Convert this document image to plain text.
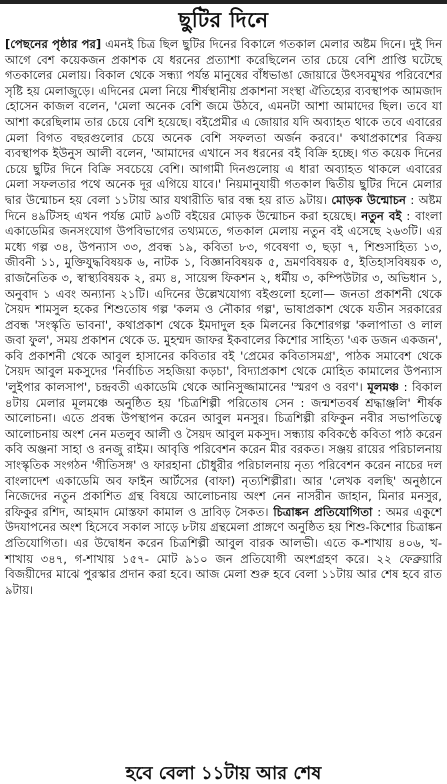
ছুটির দিনে

[পেছনের পৃষ্ঠার পর] এমনই চিত্র ছিল ছুটির দিনের বিকালে গতকাল মেলার অষ্টম দিনে। দুই দিন আগে বেশ কয়েকজন প্রকাশক যে ধরনের প্রত্যাশা করেছিলেন তার চেয়ে বেশি প্রাপ্তি ঘটেছে গতকালের মেলায়। বিকাল থেকে সন্ধ্যা পর্যন্ত মানুষের বাঁধভাঙা জোয়ারে উৎসবমুখর পরিবেশের সৃষ্টি হয় মেলাজুড়ে। এদিনের মেলা নিয়ে শীর্ষস্থানীয় প্রকাশনা সংস্থা ঐতিহ্যের ব্যবস্থাপক আমজাদ হোসেন কাজল বলেন, 'মেলা অনেক বেশি জমে উঠবে, এমনটা আশা আমাদের ছিল। তবে যা আশা করেছিলাম তার চেয়ে বেশি হয়েছে। বইপ্রেমীর এ জোয়ার যদি অব্যাহত থাকে তবে এবারের মেলা বিগত বছরগুলোর চেয়ে অনেক বেশি সফলতা অর্জন করবে।' কথাপ্রকাশের বিক্রয় ব্যবস্থাপক ইউনুস আলী বলেন, 'আমাদের এখানে সব ধরনের বই বিক্রি হচ্ছে। গত কয়েক দিনের চেয়ে ছুটির দিনে বিক্রি সবচেয়ে বেশি। আগামী দিনগুলোয় এ ধারা অব্যাহত থাকলে এবারের মেলা সফলতার পথে অনেক দূর এগিয়ে যাবে।' নিয়মানুযায়ী গতকাল দ্বিতীয় ছুটির দিনে মেলার দ্বার উন্মোচন হয় বেলা ১১টায় আর যথারীতি দ্বার বন্ধ হয় রাত ৯টায়। মোড়ক উন্মোচন : অষ্টম দিনে ৪৯টিসহ এখন পর্যন্ত মোট ৯৩টি বইয়ের মোড়ক উন্মোচন করা হয়েছে। নতুন বই : বাংলা একাডেমির জনসংযোগ উপবিভাগের তথ্যমতে, গতকাল মেলায় নতুন বই এসেছে ২৬৩টি। এর মধ্যে গল্প ৩৪, উপন্যাস ৩৩, প্রবন্ধ ১৯, কবিতা ৮৩, গবেষণা ৩, ছড়া ৭, শিশুসাহিত্য ১৩, জীবনী ১১, মুক্তিযুদ্ধবিষয়ক ৬, নাটক ১, বিজ্ঞানবিষয়ক ৫, ভ্রমণবিষয়ক ৫, ইতিহাসবিষয়ক ৩, রাজনৈতিক ৩, স্বাস্থ্যবিষয়ক ২, রম্য ৪, সায়েন্স ফিকশন ২, ধর্মীয় ৩, কম্পিউটার ৩, অভিধান ১, অনুবাদ ১ এবং অন্যান্য ২১টি। এদিনের উল্লেখযোগ্য বইগুলো হলো— জনতা প্রকাশনী থেকে সৈয়দ শামসুল হকের শিশুতোষ গল্প 'কলম ও নৌকার গল্প', ভাষাপ্রকাশ থেকে যতীন সরকারের প্রবন্ধ 'সংস্কৃতি ভাবনা', কথাপ্রকাশ থেকে ইমদাদুল হক মিলনের কিশোরগল্প 'কলাপাতা ও লাল জবা ফুল', সময় প্রকাশন থেকে ড. মুহম্মদ জাফর ইকবালের কিশোর সাহিত্য 'এক ডজন একজন', কবি প্রকাশনী থেকে আবুল হাসানের কবিতার বই 'প্রেমের কবিতাসমগ্র', পাঠক সমাবেশ থেকে সৈয়দ আবুল মকসুদের 'নির্বাচিত সহজিয়া কড়চা', বিদ্যাপ্রকাশ থেকে মোহিত কামালের উপন্যাস 'লুইপার কালসাপ', চন্দ্রবতী একাডেমি থেকে আনিসুজ্জামানের 'স্মরণ ও বরণ'। মূলমঞ্চ : বিকাল ৪টায় মেলার মূলমঞ্চে অনুষ্ঠিত হয় 'চিত্রশিল্পী পরিতোষ সেন : জন্মশতবর্ষ শ্রদ্ধাঞ্জলি' শীর্ষক আলোচনা। এতে প্রবন্ধ উপস্থাপন করেন আবুল মনসুর। চিত্রশিল্পী রফিকুন নবীর সভাপতিত্বে আলোচনায় অংশ নেন মতলুব আলী ও সৈয়দ আবুল মকসুদ। সন্ধ্যায় কবিকণ্ঠে কবিতা পাঠ করেন কবি অঞ্জনা সাহা ও রনজু রাইম। আবৃত্তি পরিবেশন করেন মীর বরকত। সঞ্জয় রায়ের পরিচালনায় সাংস্কৃতিক সংগঠন 'গীতিসঙ্গ' ও ফারহানা চৌধুরীর পরিচালনায় নৃত্য পরিবেশন করেন নাচের দল বাংলাদেশ একাডেমি অব ফাইন আর্টসের (বাফা) নৃত্যশিল্পীরা। আর 'লেখক বলছি' অনুষ্ঠানে নিজেদের নতুন প্রকাশিত গ্রন্থ বিষয়ে আলোচনায় অংশ নেন নাসরীন জাহান, মিনার মনসুর, রফিকুর রশিদ, আহমাদ মোস্তফা কামাল ও দ্রাবিড় সৈকত। চিত্রাঙ্কন প্রতিযোগিতা : অমর একুশে উদযাপনের অংশ হিসেবে সকাল সাড়ে ৮টায় গ্রন্থমেলা প্রাঙ্গণে অনুষ্ঠিত হয় শিশু-কিশোর চিত্রাঙ্কন প্রতিযোগিতা। এর উদ্বোধন করেন চিত্রশিল্পী আবুল বারক আলভী। এতে ক-শাখায় ৪০৬, খ-শাখায় ৩৪৭, গ-শাখায় ১৫৭- মোট ৯১০ জন প্রতিযোগী অংশগ্রহণ করে। ২২ ফেব্রুয়ারি বিজয়ীদের মাঝে পুরস্কার প্রদান করা হবে। আজ মেলা শুরু হবে বেলা ১১টায় আর শেষ হবে রাত ৯টায়।

হবে বেলা ১১টায় আর শেষ
